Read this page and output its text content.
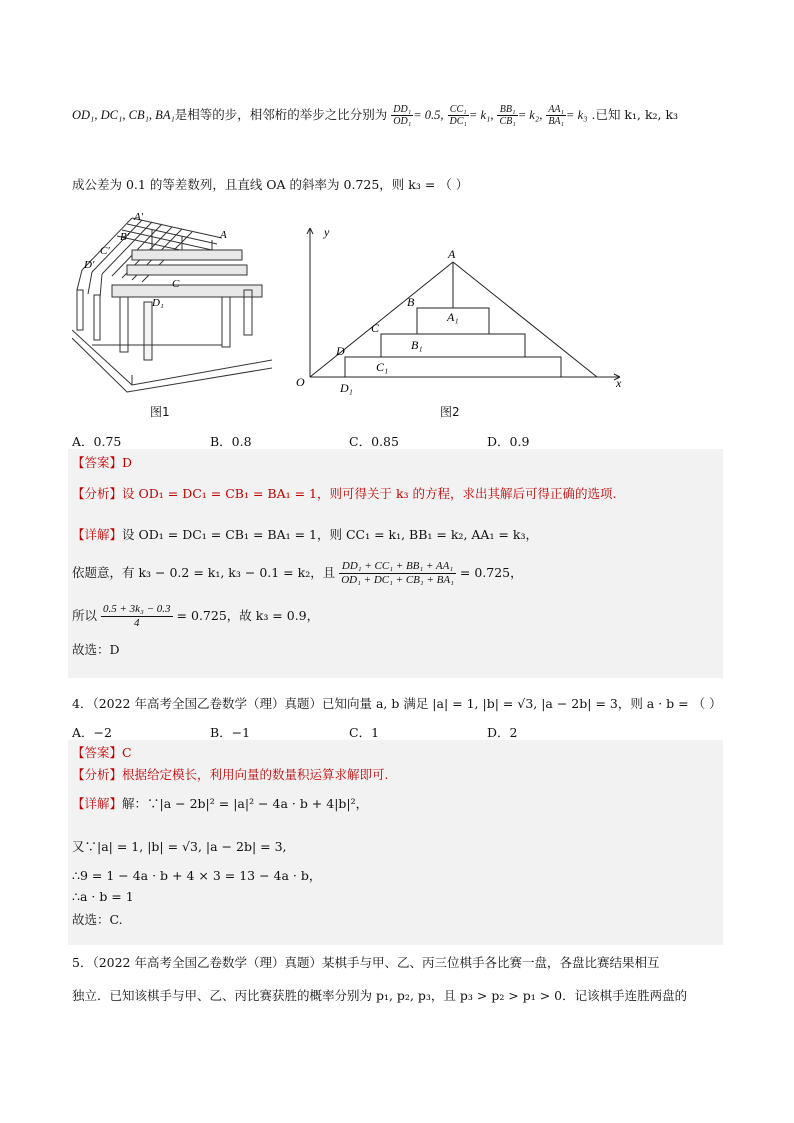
OD₁, DC₁, CB₁, BA₁是相等的步，相邻桁的举步之比分别为 $\frac{\text{DD₁}}{\text{OD₁}} = 0.5$, $\frac{\text{CC₁}}{\text{DC₁}} = k_1$, $\frac{\text{BB₁}}{\text{CB₁}} = k_2$, $\frac{\text{AA₁}}{\text{BA₁}} = k_3$ .已知 k₁, k₂, k₃
成公差为 0.1 的等差数列，且直线 OA 的斜率为 0.725，则 k₃ = （ ）
A′
B′
C′
D′
A
C
D₁
图1
y
x
O
A
B
C
D
A₁
B₁
C₁
D₁
图2
A．0.75	B．0.8	C．0.85	D．0.9
【答案】D
【分析】设 OD₁ = DC₁ = CB₁ = BA₁ = 1，则可得关于 k₃ 的方程，求出其解后可得正确的选项.
【详解】设 OD₁ = DC₁ = CB₁ = BA₁ = 1，则 CC₁ = k₁, BB₁ = k₂, AA₁ = k₃，
依题意，有 k₃ − 0.2 = k₁, k₃ − 0.1 = k₂，且 $\frac{\text{DD₁ + CC₁ + BB₁ + AA₁}}{\text{OD₁ + DC₁ + CB₁ + BA₁}} = 0.725$，
所以 $\frac{\text{0.5 + 3k₃ − 0.3}}{4} = 0.725$，故 k₃ = 0.9，
故选：D
4．（2022 年高考全国乙卷数学（理）真题）已知向量 a, b 满足 |a| = 1, |b| = √3, |a − 2b| = 3，则 a · b = （ ）
A．−2	B．−1	C．1	D．2
【答案】C
【分析】根据给定模长，利用向量的数量积运算求解即可.
【详解】解：∵|a − 2b|² = |a|² − 4a · b + 4|b|²，
又∵|a| = 1, |b| = √3, |a − 2b| = 3,
∴9 = 1 − 4a · b + 4 × 3 = 13 − 4a · b，
∴a · b = 1
故选：C.
5．（2022 年高考全国乙卷数学（理）真题）某棋手与甲、乙、丙三位棋手各比赛一盘，各盘比赛结果相互
独立．已知该棋手与甲、乙、丙比赛获胜的概率分别为 p₁, p₂, p₃，且 p₃ > p₂ > p₁ > 0．记该棋手连胜两盘的
